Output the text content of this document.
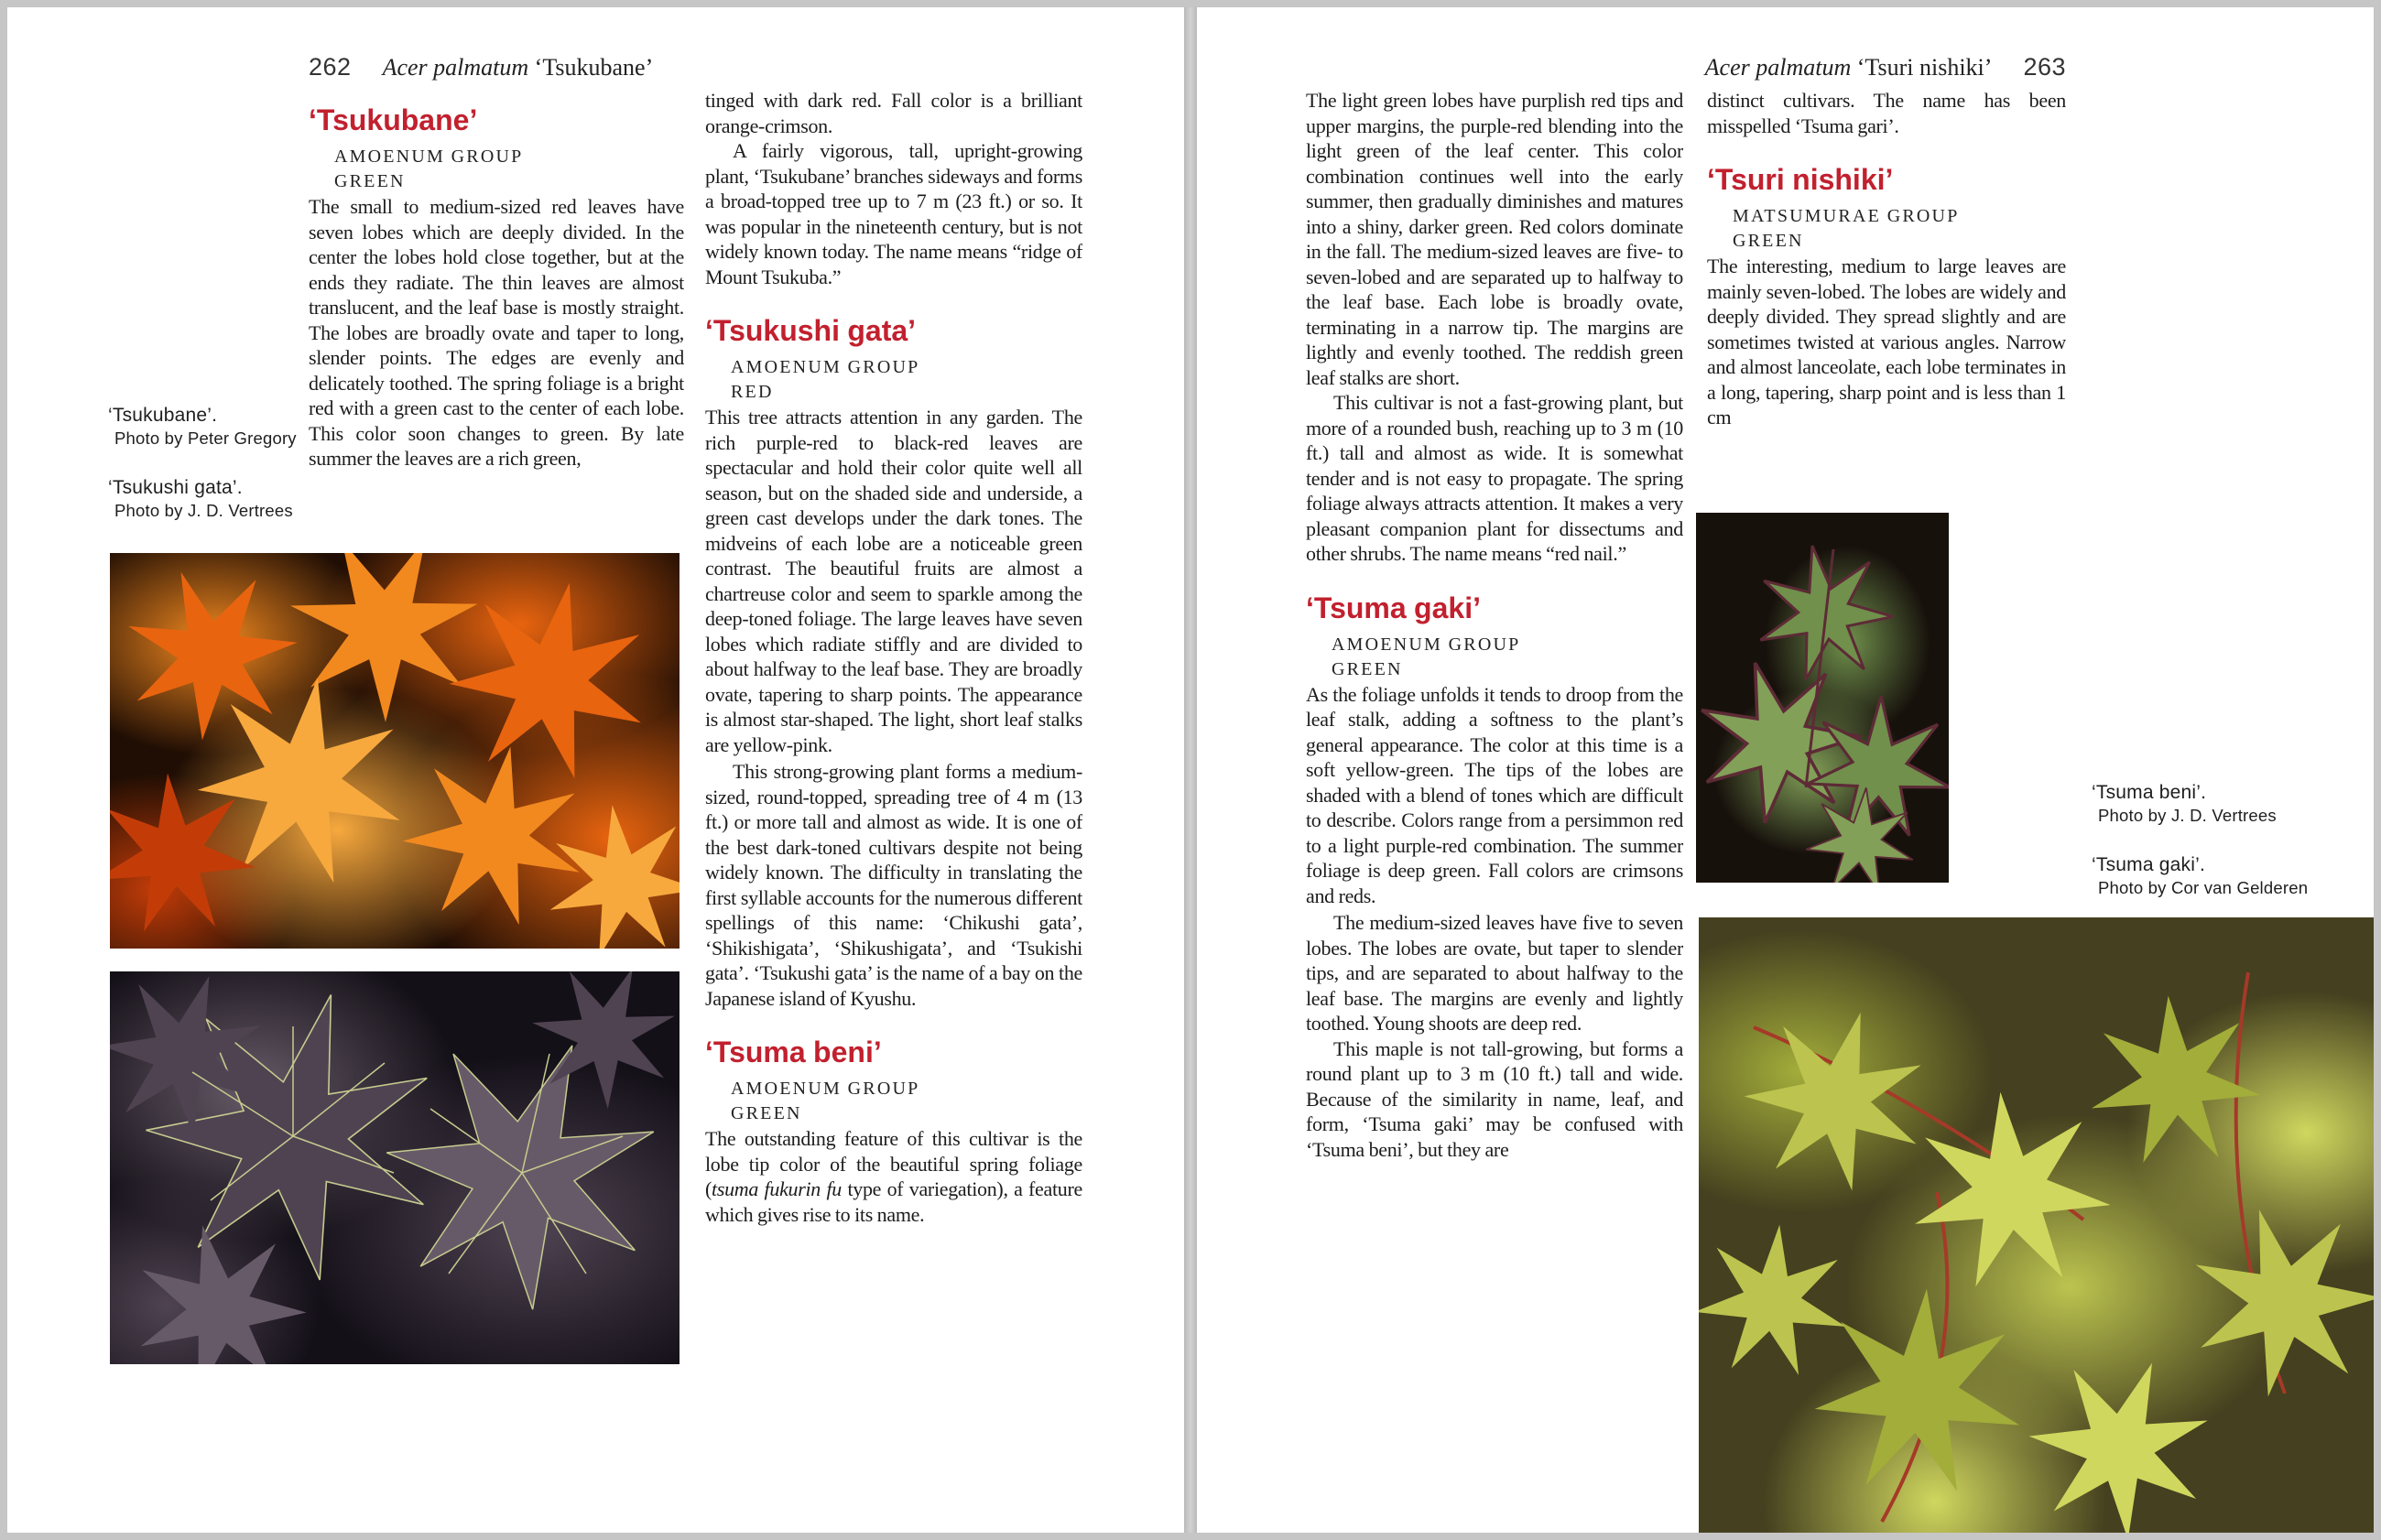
262 Acer palmatum ‘Tsukubane’
‘Tsukubane’
AMOENUM GROUP
GREEN

The small to medium-sized red leaves have seven lobes which are deeply divided. In the center the lobes hold close together, but at the ends they radiate. The thin leaves are almost translucent, and the leaf base is mostly straight. The lobes are broadly ovate and taper to long, slender points. The edges are evenly and delicately toothed. The spring foliage is a bright red with a green cast to the center of each lobe. This color soon changes to green. By late summer the leaves are a rich green,

‘Tsukubane’.
Photo by Peter Gregory
‘Tsukushi gata’.
Photo by J. D. Vertrees

tinged with dark red. Fall color is a brilliant orange-crimson.

A fairly vigorous, tall, upright-growing plant, ‘Tsukubane’ branches sideways and forms a broad-topped tree up to 7 m (23 ft.) or so. It was popular in the nineteenth century, but is not widely known today. The name means “ridge of Mount Tsukuba.”

‘Tsukushi gata’
AMOENUM GROUP
RED

This tree attracts attention in any garden. The rich purple-red to black-red leaves are spectacular and hold their color quite well all season, but on the shaded side and underside, a green cast develops under the dark tones. The midveins of each lobe are a noticeable green contrast. The beautiful fruits are almost a chartreuse color and seem to sparkle among the deep-toned foliage. The large leaves have seven lobes which radiate stiffly and are divided to about halfway to the leaf base. They are broadly ovate, tapering to sharp points. The appearance is almost star-shaped. The light, short leaf stalks are yellow-pink.

This strong-growing plant forms a medium-sized, round-topped, spreading tree of 4 m (13 ft.) or more tall and almost as wide. It is one of the best dark-toned cultivars despite not being widely known. The difficulty in translating the first syllable accounts for the numerous different spellings of this name: ‘Chikushi gata’, ‘Shikishigata’, ‘Shikushigata’, and ‘Tsukishi gata’. ‘Tsukushi gata’ is the name of a bay on the Japanese island of Kyushu.

‘Tsuma beni’
AMOENUM GROUP
GREEN

The outstanding feature of this cultivar is the lobe tip color of the beautiful spring foliage (tsuma fukurin fu type of variegation), a feature which gives rise to its name.

Acer palmatum ‘Tsuri nishiki’ 263

The light green lobes have purplish red tips and upper margins, the purple-red blending into the light green of the leaf center. This color combination continues well into the early summer, then gradually diminishes and matures into a shiny, darker green. Red colors dominate in the fall. The medium-sized leaves are five- to seven-lobed and are separated up to halfway to the leaf base. Each lobe is broadly ovate, terminating in a narrow tip. The margins are lightly and evenly toothed. The reddish green leaf stalks are short.

This cultivar is not a fast-growing plant, but more of a rounded bush, reaching up to 3 m (10 ft.) tall and almost as wide. It is somewhat tender and is not easy to propagate. The spring foliage always attracts attention. It makes a very pleasant companion plant for dissectums and other shrubs. The name means “red nail.”

‘Tsuma gaki’
AMOENUM GROUP
GREEN

As the foliage unfolds it tends to droop from the leaf stalk, adding a softness to the plant’s general appearance. The color at this time is a soft yellow-green. The tips of the lobes are shaded with a blend of tones which are difficult to describe. Colors range from a persimmon red to a light purple-red combination. The summer foliage is deep green. Fall colors are crimsons and reds.

The medium-sized leaves have five to seven lobes. The lobes are ovate, but taper to slender tips, and are separated to about halfway to the leaf base. The margins are evenly and lightly toothed. Young shoots are deep red.

This maple is not tall-growing, but forms a round plant up to 3 m (10 ft.) tall and wide. Because of the similarity in name, leaf, and form, ‘Tsuma gaki’ may be confused with ‘Tsuma beni’, but they are

distinct cultivars. The name has been misspelled ‘Tsuma gari’.

‘Tsuri nishiki’
MATSUMURAE GROUP
GREEN

The interesting, medium to large leaves are mainly seven-lobed. The lobes are widely and deeply divided. They spread slightly and are sometimes twisted at various angles. Narrow and almost lanceolate, each lobe terminates in a long, tapering, sharp point and is less than 1 cm

‘Tsuma beni’.
Photo by J. D. Vertrees
‘Tsuma gaki’.
Photo by Cor van Gelderen
